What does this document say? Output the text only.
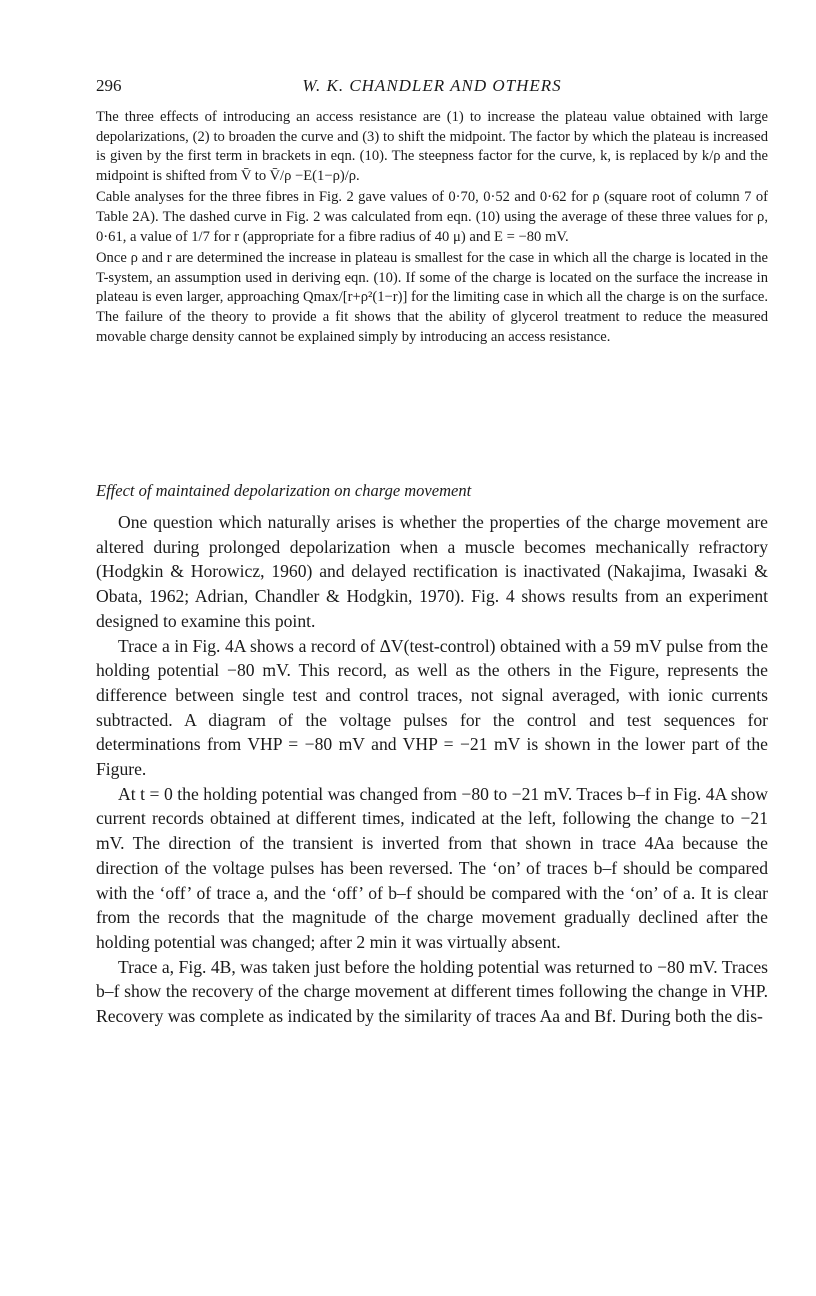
296	W. K. CHANDLER AND OTHERS

The three effects of introducing an access resistance are (1) to increase the plateau value obtained with large depolarizations, (2) to broaden the curve and (3) to shift the midpoint. The factor by which the plateau is increased is given by the first term in brackets in eqn. (10). The steepness factor for the curve, k, is replaced by k/ρ and the midpoint is shifted from V̄ to V̄/ρ −E(1−ρ)/ρ.

Cable analyses for the three fibres in Fig. 2 gave values of 0·70, 0·52 and 0·62 for ρ (square root of column 7 of Table 2A). The dashed curve in Fig. 2 was calculated from eqn. (10) using the average of these three values for ρ, 0·61, a value of 1/7 for r (appropriate for a fibre radius of 40 μ) and E = −80 mV.

Once ρ and r are determined the increase in plateau is smallest for the case in which all the charge is located in the T-system, an assumption used in deriving eqn. (10). If some of the charge is located on the surface the increase in plateau is even larger, approaching Qmax/[r+ρ²(1−r)] for the limiting case in which all the charge is on the surface. The failure of the theory to provide a fit shows that the ability of glycerol treatment to reduce the measured movable charge density cannot be explained simply by introducing an access resistance.

Effect of maintained depolarization on charge movement

One question which naturally arises is whether the properties of the charge movement are altered during prolonged depolarization when a muscle becomes mechanically refractory (Hodgkin & Horowicz, 1960) and delayed rectification is inactivated (Nakajima, Iwasaki & Obata, 1962; Adrian, Chandler & Hodgkin, 1970). Fig. 4 shows results from an experiment designed to examine this point.

Trace a in Fig. 4A shows a record of ΔV(test-control) obtained with a 59 mV pulse from the holding potential −80 mV. This record, as well as the others in the Figure, represents the difference between single test and control traces, not signal averaged, with ionic currents subtracted. A diagram of the voltage pulses for the control and test sequences for determinations from VHP = −80 mV and VHP = −21 mV is shown in the lower part of the Figure.

At t = 0 the holding potential was changed from −80 to −21 mV. Traces b–f in Fig. 4A show current records obtained at different times, indicated at the left, following the change to −21 mV. The direction of the transient is inverted from that shown in trace 4Aa because the direction of the voltage pulses has been reversed. The ‘on’ of traces b–f should be compared with the ‘off’ of trace a, and the ‘off’ of b–f should be compared with the ‘on’ of a. It is clear from the records that the magnitude of the charge movement gradually declined after the holding potential was changed; after 2 min it was virtually absent.

Trace a, Fig. 4B, was taken just before the holding potential was returned to −80 mV. Traces b–f show the recovery of the charge movement at different times following the change in VHP. Recovery was complete as indicated by the similarity of traces Aa and Bf. During both the dis-
